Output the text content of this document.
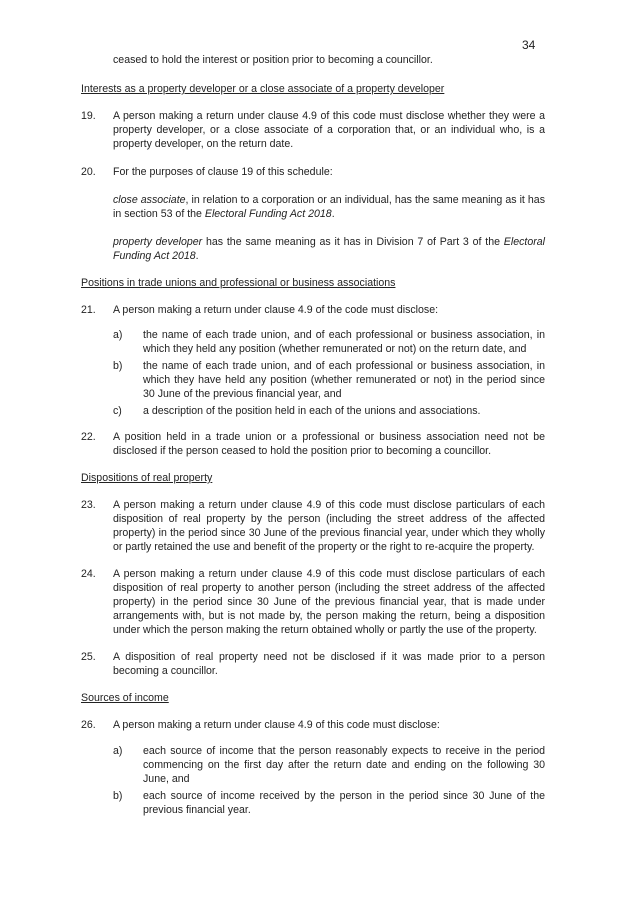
34

ceased to hold the interest or position prior to becoming a councillor.

Interests as a property developer or a close associate of a property developer

19.	A person making a return under clause 4.9 of this code must disclose whether they were a property developer, or a close associate of a corporation that, or an individual who, is a property developer, on the return date.
20.	For the purposes of clause 19 of this schedule:

close associate, in relation to a corporation or an individual, has the same meaning as it has in section 53 of the Electoral Funding Act 2018.

property developer has the same meaning as it has in Division 7 of Part 3 of the Electoral Funding Act 2018.

Positions in trade unions and professional or business associations

21.	A person making a return under clause 4.9 of the code must disclose:
a)	the name of each trade union, and of each professional or business association, in which they held any position (whether remunerated or not) on the return date, and
b)	the name of each trade union, and of each professional or business association, in which they have held any position (whether remunerated or not) in the period since 30 June of the previous financial year, and
c)	a description of the position held in each of the unions and associations.
22.	A position held in a trade union or a professional or business association need not be disclosed if the person ceased to hold the position prior to becoming a councillor.

Dispositions of real property

23.	A person making a return under clause 4.9 of this code must disclose particulars of each disposition of real property by the person (including the street address of the affected property) in the period since 30 June of the previous financial year, under which they wholly or partly retained the use and benefit of the property or the right to re-acquire the property.
24.	A person making a return under clause 4.9 of this code must disclose particulars of each disposition of real property to another person (including the street address of the affected property) in the period since 30 June of the previous financial year, that is made under arrangements with, but is not made by, the person making the return, being a disposition under which the person making the return obtained wholly or partly the use of the property.
25.	A disposition of real property need not be disclosed if it was made prior to a person becoming a councillor.

Sources of income

26.	A person making a return under clause 4.9 of this code must disclose:
a)	each source of income that the person reasonably expects to receive in the period commencing on the first day after the return date and ending on the following 30 June, and
b)	each source of income received by the person in the period since 30 June of the previous financial year.
